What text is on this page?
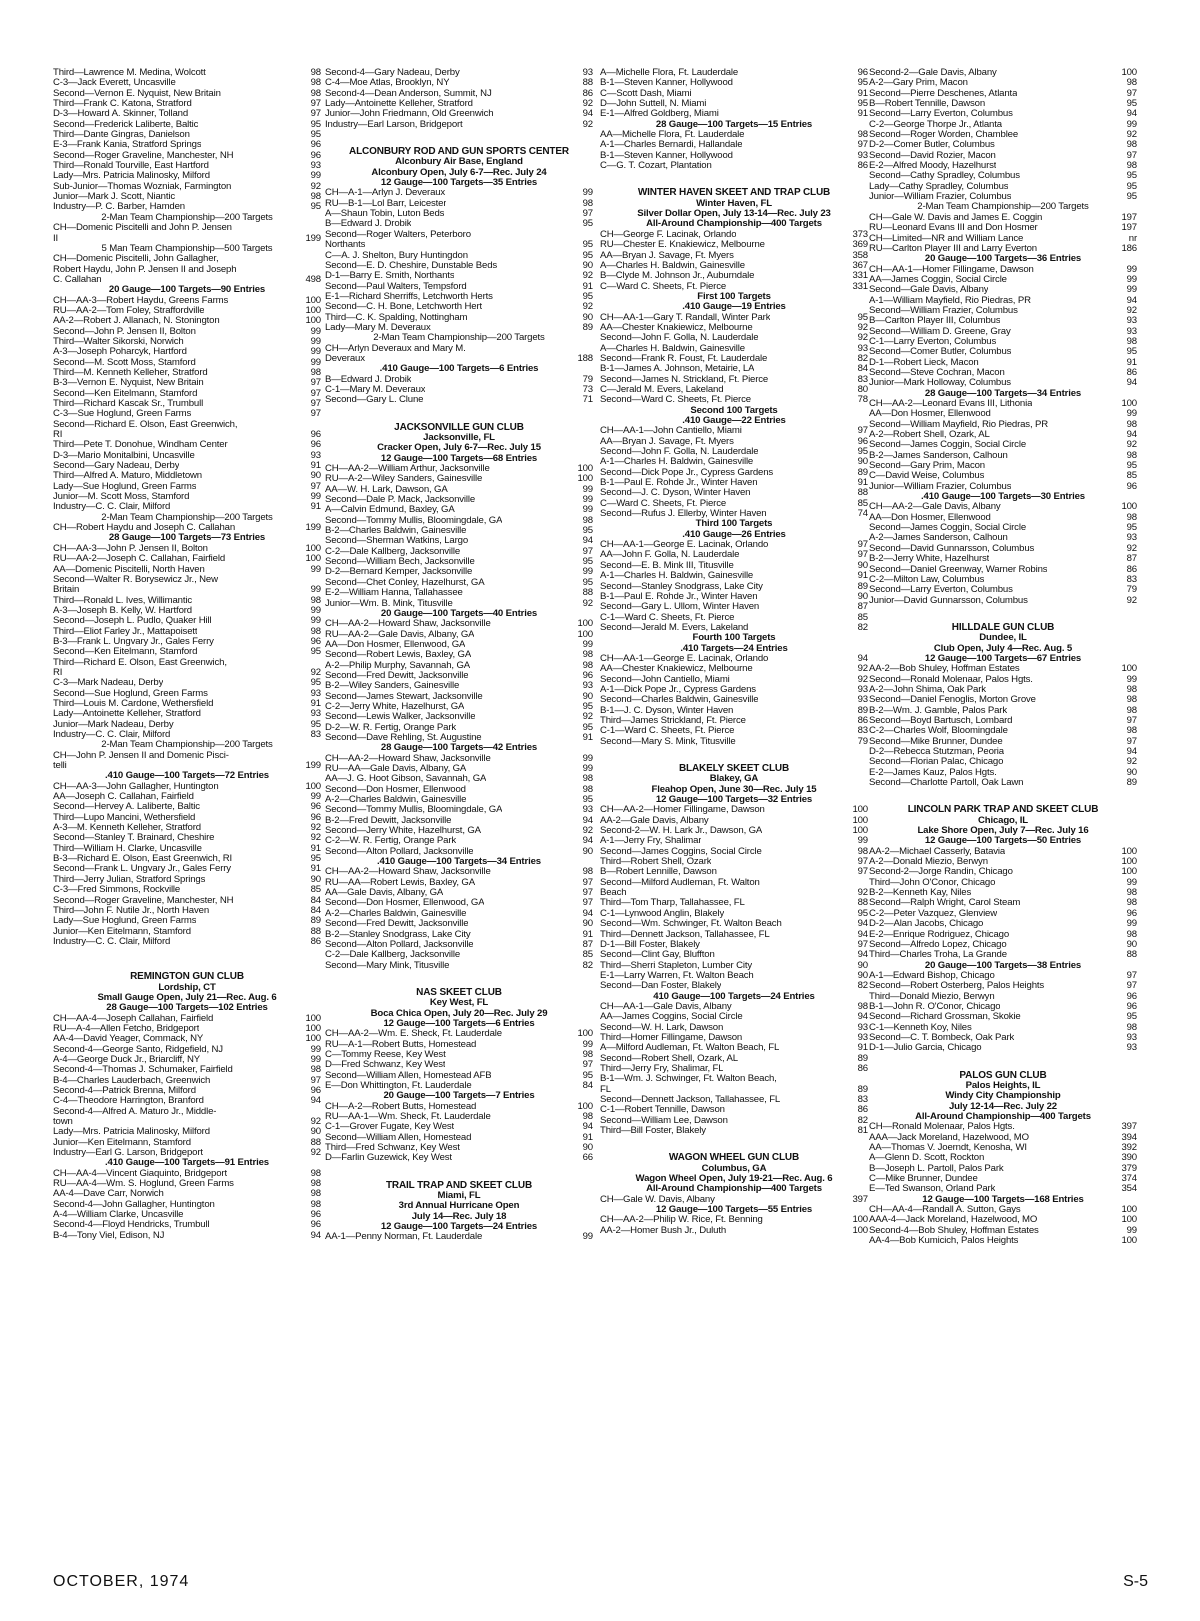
Third—Lawrence M. Medina, Wolcott	98
C-3—Jack Everett, Uncasville	98
Second—Vernon E. Nyquist, New Britain	98
Third—Frank C. Katona, Stratford	97
D-3—Howard A. Skinner, Tolland	97
Second—Frederick Laliberte, Baltic	95
Third—Dante Gingras, Danielson	95
E-3—Frank Kania, Stratford Springs	96
Second—Roger Graveline, Manchester, NH	96
Third—Ronald Tourville, East Hartford	93
Lady—Mrs. Patricia Malinosky, Milford	99
Sub-Junior—Thomas Wozniak, Farmington	92
Junior—Mark J. Scott, Niantic	98
Industry—P. C. Barber, Hamden	95
2-Man Team Championship—200 Targets
CH—Domenic Piscitelli and John P. Jensen
II	199
5 Man Team Championship—500 Targets
CH—Domenic Piscitelli, John Gallagher,
Robert Haydu, John P. Jensen II and Joseph
C. Callahan	498
20 Gauge—100 Targets—90 Entries
CH—AA-3—Robert Haydu, Greens Farms	100
RU—AA-2—Tom Foley, Straffordville	100
AA-2—Robert J. Allanach, N. Stonington	100
Second—John P. Jensen II, Bolton	99
Third—Walter Sikorski, Norwich	99
A-3—Joseph Poharcyk, Hartford	99
Second—M. Scott Moss, Stamford	99
Third—M. Kenneth Kelleher, Stratford	98
B-3—Vernon E. Nyquist, New Britain	97
Second—Ken Eitelmann, Stamford	97
Third—Richard Kascak Sr., Trumbull	97
C-3—Sue Hoglund, Green Farms	97
Second—Richard E. Olson, East Greenwich,
RI	96
Third—Pete T. Donohue, Windham Center	96
D-3—Mario Monitalbini, Uncasville	93
Second—Gary Nadeau, Derby	91
Third—Alfred A. Maturo, Middletown	90
Lady—Sue Hoglund, Green Farms	97
Junior—M. Scott Moss, Stamford	99
Industry—C. C. Clair, Milford	91
2-Man Team Championship—200 Targets
CH—Robert Haydu and Joseph C. Callahan	199
28 Gauge—100 Targets—73 Entries
CH—AA-3—John P. Jensen II, Bolton	100
RU—AA-2—Joseph C. Callahan, Fairfield	100
AA—Domenic Piscitelli, North Haven	99
Second—Walter R. Borysewicz Jr., New
Britain	99
Third—Ronald L. Ives, Willimantic	98
A-3—Joseph B. Kelly, W. Hartford	99
Second—Joseph L. Pudlo, Quaker Hill	99
Third—Eliot Farley Jr., Mattapoisett	98
B-3—Frank L. Ungvary Jr., Gales Ferry	96
Second—Ken Eitelmann, Stamford	95
Third—Richard E. Olson, East Greenwich,
RI	92
C-3—Mark Nadeau, Derby	95
Second—Sue Hoglund, Green Farms	93
Third—Louis M. Cardone, Wethersfield	91
Lady—Antoinette Kelleher, Stratford	93
Junior—Mark Nadeau, Derby	95
Industry—C. C. Clair, Milford	83
2-Man Team Championship—200 Targets
CH—John P. Jensen II and Domenic Pisci-
telli	199
.410 Gauge—100 Targets—72 Entries
CH—AA-3—John Gallagher, Huntington	100
AA—Joseph C. Callahan, Fairfield	99
Second—Hervey A. Laliberte, Baltic	96
Third—Lupo Mancini, Wethersfield	96
A-3—M. Kenneth Kelleher, Stratford	92
Second—Stanley T. Brainard, Cheshire	92
Third—William H. Clarke, Uncasville	91
B-3—Richard E. Olson, East Greenwich, RI	95
Second—Frank L. Ungvary Jr., Gales Ferry	91
Third—Jerry Julian, Stratford Springs	90
C-3—Fred Simmons, Rockville	85
Second—Roger Graveline, Manchester, NH	84
Third—John F. Nutile Jr., North Haven	84
Lady—Sue Hoglund, Green Farms	89
Junior—Ken Eitelmann, Stamford	88
Industry—C. C. Clair, Milford	86
REMINGTON GUN CLUB
Lordship, CT
Small Gauge Open, July 21—Rec. Aug. 6
28 Gauge—100 Targets—102 Entries
CH—AA-4—Joseph Callahan, Fairfield	100
RU—A-4—Allen Fetcho, Bridgeport	100
AA-4—David Yeager, Commack, NY	100
Second-4—George Santo, Ridgefield, NJ	99
A-4—George Duck Jr., Briarcliff, NY	99
Second-4—Thomas J. Schumaker, Fairfield	98
B-4—Charles Lauderbach, Greenwich	97
Second-4—Patrick Brenna, Milford	96
C-4—Theodore Harrington, Branford	94
Second-4—Alfred A. Maturo Jr., Middle-
town	92
Lady—Mrs. Patricia Malinosky, Milford	90
Junior—Ken Eitelmann, Stamford	88
Industry—Earl G. Larson, Bridgeport	92
.410 Gauge—100 Targets—91 Entries
CH—AA-4—Vincent Giaquinto, Bridgeport	98
RU—AA-4—Wm. S. Hoglund, Green Farms	98
AA-4—Dave Carr, Norwich	98
Second-4—John Gallagher, Huntington	98
A-4—William Clarke, Uncasville	96
Second-4—Floyd Hendricks, Trumbull	96
B-4—Tony Viel, Edison, NJ	94
Second-4—Gary Nadeau, Derby	93
C-4—Moe Atlas, Brooklyn, NY	88
Second-4—Dean Anderson, Summit, NJ	86
Lady—Antoinette Kelleher, Stratford	92
Junior—John Friedmann, Old Greenwich	94
Industry—Earl Larson, Bridgeport	92
ALCONBURY ROD AND GUN SPORTS CENTER
Alconbury Air Base, England
Alconbury Open, July 6-7—Rec. July 24
12 Gauge—100 Targets—35 Entries
CH—A-1—Arlyn J. Deveraux	99
RU—B-1—Lol Barr, Leicester	98
A—Shaun Tobin, Luton Beds	97
B—Edward J. Drobik	95
Second—Roger Walters, Peterboro
Northants	95
C—A. J. Shelton, Bury Huntingdon	95
Second—E. D. Cheshire, Dunstable Beds	90
D-1—Barry E. Smith, Northants	92
Second—Paul Walters, Tempsford	91
E-1—Richard Sherriffs, Letchworth Herts	95
Second—C. H. Bone, Letchworth Hert	92
Third—C. K. Spalding, Nottingham	90
Lady—Mary M. Deveraux	89
2-Man Team Championship—200 Targets
CH—Arlyn Deveraux and Mary M.
Deveraux	188
.410 Gauge—100 Targets—6 Entries
B—Edward J. Drobik	79
C-1—Mary M. Deveraux	73
Second—Gary L. Clune	71
JACKSONVILLE GUN CLUB
Jacksonville, FL
Cracker Open, July 6-7—Rec. July 15
12 Gauge—100 Targets—68 Entries
CH—AA-2—William Arthur, Jacksonville	100
RU—A-2—Wiley Sanders, Gainesville	100
AA—W. H. Lark, Dawson, GA	99
Second—Dale P. Mack, Jacksonville	99
A—Calvin Edmund, Baxley, GA	99
Second—Tommy Mullis, Bloomingdale, GA	98
B-2—Charles Baldwin, Gainesville	95
Second—Sherman Watkins, Largo	94
C-2—Dale Kallberg, Jacksonville	97
Second—William Bech, Jacksonville	95
D-2—Bernard Kemper, Jacksonville	99
Second—Chet Conley, Hazelhurst, GA	95
E-2—William Hanna, Tallahassee	88
Junior—Wm. B. Mink, Titusville	92
20 Gauge—100 Targets—40 Entries
CH—AA-2—Howard Shaw, Jacksonville	100
RU—AA-2—Gale Davis, Albany, GA	100
AA—Don Hosmer, Ellenwood, GA	99
Second—Robert Lewis, Baxley, GA	98
A-2—Philip Murphy, Savannah, GA	98
Second—Fred Dewitt, Jacksonville	96
B-2—Wiley Sanders, Gainesville	93
Second—James Stewart, Jacksonville	90
C-2—Jerry White, Hazelhurst, GA	95
Second—Lewis Walker, Jacksonville	92
D-2—W. R. Fertig, Orange Park	95
Second—Dave Rehling, St. Augustine	91
28 Gauge—100 Targets—42 Entries
CH—AA-2—Howard Shaw, Jacksonville	99
RU—AA—Gale Davis, Albany, GA	99
AA—J. G. Hoot Gibson, Savannah, GA	98
Second—Don Hosmer, Ellenwood	98
A-2—Charles Baldwin, Gainesville	95
Second—Tommy Mullis, Bloomingdale, GA	93
B-2—Fred Dewitt, Jacksonville	94
Second—Jerry White, Hazelhurst, GA	92
C-2—W. R. Fertig, Orange Park	94
Second—Alton Pollard, Jacksonville	90
.410 Gauge—100 Targets—34 Entries
CH—AA-2—Howard Shaw, Jacksonville	98
RU—AA—Robert Lewis, Baxley, GA	97
AA—Gale Davis, Albany, GA	97
Second—Don Hosmer, Ellenwood, GA	97
A-2—Charles Baldwin, Gainesville	94
Second—Fred Dewitt, Jacksonville	90
B-2—Stanley Snodgrass, Lake City	91
Second—Alton Pollard, Jacksonville	87
C-2—Dale Kallberg, Jacksonville	85
Second—Mary Mink, Titusville	82
NAS SKEET CLUB
Key West, FL
Boca Chica Open, July 20—Rec. July 29
12 Gauge—100 Targets—6 Entries
CH—AA-2—Wm. E. Sheck, Ft. Lauderdale	100
RU—A-1—Robert Butts, Homestead	99
C—Tommy Reese, Key West	98
D—Fred Schwanz, Key West	97
Second—William Allen, Homestead AFB	95
E—Don Whittington, Ft. Lauderdale	84
20 Gauge—100 Targets—7 Entries
CH—A-2—Robert Butts, Homestead	100
RU—AA-1—Wm. Sheck, Ft. Lauderdale	98
C-1—Grover Fugate, Key West	94
Second—William Allen, Homestead	91
Third—Fred Schwanz, Key West	90
D—Farlin Guzewick, Key West	66
TRAIL TRAP AND SKEET CLUB
Miami, FL
3rd Annual Hurricane Open
July 14—Rec. July 18
12 Gauge—100 Targets—24 Entries
AA-1—Penny Norman, Ft. Lauderdale	99
A—Michelle Flora, Ft. Lauderdale	96
B-1—Steven Kanner, Hollywood	95
C—Scott Dash, Miami	91
D—John Suttell, N. Miami	95
E-1—Alfred Goldberg, Miami	91
28 Gauge—100 Targets—15 Entries
AA—Michelle Flora, Ft. Lauderdale	98
A-1—Charles Bernardi, Hallandale	97
B-1—Steven Kanner, Hollywood	93
C—G. T. Cozart, Plantation	86
WINTER HAVEN SKEET AND TRAP CLUB
Winter Haven, FL
Silver Dollar Open, July 13-14—Rec. July 23
All-Around Championship—400 Targets
CH—George F. Lacinak, Orlando	373
RU—Chester E. Knakiewicz, Melbourne	369
AA—Bryan J. Savage, Ft. Myers	358
A—Charles H. Baldwin, Gainesville	367
B—Clyde M. Johnson Jr., Auburndale	331
C—Ward C. Sheets, Ft. Pierce	331
First 100 Targets
.410 Gauge—19 Entries
CH—AA-1—Gary T. Randall, Winter Park	95
AA—Chester Knakiewicz, Melbourne	92
Second—John F. Golla, N. Lauderdale	92
A—Charles H. Baldwin, Gainesville	93
Second—Frank R. Foust, Ft. Lauderdale	82
B-1—James A. Johnson, Metairie, LA	84
Second—James N. Strickland, Ft. Pierce	83
C—Jerald M. Evers, Lakeland	80
Second—Ward C. Sheets, Ft. Pierce	78
Second 100 Targets
.410 Gauge—22 Entries
CH—AA-1—John Cantiello, Miami	97
AA—Bryan J. Savage, Ft. Myers	96
Second—John F. Golla, N. Lauderdale	95
A-1—Charles H. Baldwin, Gainesville	90
Second—Dick Pope Jr., Cypress Gardens	89
B-1—Paul E. Rohde Jr., Winter Haven	91
Second—J. C. Dyson, Winter Haven	88
C—Ward C. Sheets, Ft. Pierce	85
Second—Rufus J. Ellerby, Winter Haven	74
Third 100 Targets
.410 Gauge—26 Entries
CH—AA-1—George E. Lacinak, Orlando	97
AA—John F. Golla, N. Lauderdale	97
Second—E. B. Mink III, Titusville	90
A-1—Charles H. Baldwin, Gainesville	91
Second—Stanley Snodgrass, Lake City	89
B-1—Paul E. Rohde Jr., Winter Haven	90
Second—Gary L. Ullom, Winter Haven	87
C-1—Ward C. Sheets, Ft. Pierce	85
Second—Jerald M. Evers, Lakeland	82
Fourth 100 Targets
.410 Targets—24 Entries
CH—AA-1—George E. Lacinak, Orlando	94
AA—Chester Knakiewicz, Melbourne	92
Second—John Cantiello, Miami	92
A-1—Dick Pope Jr., Cypress Gardens	93
Second—Charles Baldwin, Gainesville	93
B-1—J. C. Dyson, Winter Haven	89
Third—James Strickland, Ft. Pierce	86
C-1—Ward C. Sheets, Ft. Pierce	83
Second—Mary S. Mink, Titusville	79
BLAKELY SKEET CLUB
Blakey, GA
Fleahop Open, June 30—Rec. July 15
12 Gauge—100 Targets—32 Entries
CH—AA-2—Homer Fillingame, Dawson	100
AA-2—Gale Davis, Albany	100
Second-2—W. H. Lark Jr., Dawson, GA	100
A-1—Jerry Fry, Shalimar	99
Second—James Coggins, Social Circle	98
Third—Robert Shell, Ozark	97
B—Robert Lennille, Dawson	97
Second—Milford Audleman, Ft. Walton
Beach	92
Third—Tom Tharp, Tallahassee, FL	88
C-1—Lynwood Anglin, Blakely	95
Second—Wm. Schwinger, Ft. Walton Beach	94
Third—Dennett Jackson, Tallahassee, FL	94
D-1—Bill Foster, Blakely	97
Second—Clint Gay, Bluffton	94
Third—Sherri Stapleton, Lumber City	90
E-1—Larry Warren, Ft. Walton Beach	90
Second—Dan Foster, Blakely	82
410 Gauge—100 Targets—24 Entries
CH—AA-1—Gale Davis, Albany	98
AA—James Coggins, Social Circle	94
Second—W. H. Lark, Dawson	93
Third—Homer Fillingame, Dawson	93
A—Milford Audleman, Ft. Walton Beach, FL	91
Second—Robert Shell, Ozark, AL	89
Third—Jerry Fry, Shalimar, FL	86
B-1—Wm. J. Schwinger, Ft. Walton Beach,
FL	89
Second—Dennett Jackson, Tallahassee, FL	83
C-1—Robert Tennille, Dawson	86
Second—William Lee, Dawson	82
Third—Bill Foster, Blakely	81
WAGON WHEEL GUN CLUB
Columbus, GA
Wagon Wheel Open, July 19-21—Rec. Aug. 6
All-Around Championship—400 Targets
CH—Gale W. Davis, Albany	397
12 Gauge—100 Targets—55 Entries
CH—AA-2—Philip W. Rice, Ft. Benning	100
AA-2—Homer Bush Jr., Duluth	100
Second-2—Gale Davis, Albany	100
A-2—Gary Prim, Macon	98
Second—Pierre Deschenes, Atlanta	97
B—Robert Tennille, Dawson	95
Second—Larry Everton, Columbus	94
C-2—George Thorpe Jr., Atlanta	99
Second—Roger Worden, Chamblee	92
D-2—Comer Butler, Columbus	98
Second—David Rozier, Macon	97
E-2—Alfred Moody, Hazelhurst	98
Second—Cathy Spradley, Columbus	95
Lady—Cathy Spradley, Columbus	95
Junior—William Frazier, Columbus	95
2-Man Team Championship—200 Targets
CH—Gale W. Davis and James E. Coggin	197
RU—Leonard Evans III and Don Hosmer	197
CH—Limited—NR and William Lance	nr
RU—Carlton Player III and Larry Everton	186
20 Gauge—100 Targets—36 Entries
CH—AA-1—Homer Fillingame, Dawson	99
AA—James Coggin, Social Circle	99
Second—Gale Davis, Albany	99
A-1—William Mayfield, Rio Piedras, PR	94
Second—William Frazier, Columbus	92
B—Carlton Player III, Columbus	93
Second—William D. Greene, Gray	93
C-1—Larry Everton, Columbus	98
Second—Comer Butler, Columbus	95
D-1—Robert Lieck, Macon	91
Second—Steve Cochran, Macon	86
Junior—Mark Holloway, Columbus	94
28 Gauge—100 Targets—34 Entries
CH—AA-2—Leonard Evans III, Lithonia	100
AA—Don Hosmer, Ellenwood	99
Second—William Mayfield, Rio Piedras, PR	98
A-2—Robert Shell, Ozark, AL	94
Second—James Coggin, Social Circle	92
B-2—James Sanderson, Calhoun	98
Second—Gary Prim, Macon	95
C—David Weise, Columbus	85
Junior—William Frazier, Columbus	96
.410 Gauge—100 Targets—30 Entries
CH—AA-2—Gale Davis, Albany	100
AA—Don Hosmer, Ellenwood	98
Second—James Coggin, Social Circle	95
A-2—James Sanderson, Calhoun	93
Second—David Gunnarsson, Columbus	92
B-2—Jerry White, Hazelhurst	87
Second—Daniel Greenway, Warner Robins	86
C-2—Milton Law, Columbus	83
Second—Larry Everton, Columbus	79
Junior—David Gunnarsson, Columbus	92
HILLDALE GUN CLUB
Dundee, IL
Club Open, July 4—Rec. Aug. 5
12 Gauge—100 Targets—67 Entries
AA-2—Bob Shuley, Hoffman Estates	100
Second—Ronald Molenaar, Palos Hgts.	99
A-2—John Shima, Oak Park	98
Second—Daniel Fenoglis, Morton Grove	98
B-2—Wm. J. Gamble, Palos Park	98
Second—Boyd Bartusch, Lombard	97
C-2—Charles Wolf, Bloomingdale	98
Second—Mike Brunner, Dundee	97
D-2—Rebecca Stutzman, Peoria	94
Second—Florian Palac, Chicago	92
E-2—James Kauz, Palos Hgts.	90
Second—Charlotte Partoll, Oak Lawn	89
LINCOLN PARK TRAP AND SKEET CLUB
Chicago, IL
Lake Shore Open, July 7—Rec. July 16
12 Gauge—100 Targets—50 Entries
AA-2—Michael Casserly, Batavia	100
A-2—Donald Miezio, Berwyn	100
Second-2—Jorge Randin, Chicago	100
Third—John O'Conor, Chicago	99
B-2—Kenneth Kay, Niles	98
Second—Ralph Wright, Carol Steam	98
C-2—Peter Vazquez, Glenview	96
D-2—Alan Jacobs, Chicago	99
E-2—Enrique Rodriguez, Chicago	98
Second—Alfredo Lopez, Chicago	90
Third—Charles Troha, La Grande	88
20 Gauge—100 Targets—38 Entries
A-1—Edward Bishop, Chicago	97
Second—Robert Osterberg, Palos Heights	97
Third—Donald Miezio, Berwyn	96
B-1—John R. O'Conor, Chicago	96
Second—Richard Grossman, Skokie	95
C-1—Kenneth Koy, Niles	98
Second—C. T. Bombeck, Oak Park	93
D-1—Julio Garcia, Chicago	93
PALOS GUN CLUB
Palos Heights, IL
Windy City Championship
July 12-14—Rec. July 22
All-Around Championship—400 Targets
CH—Ronald Molenaar, Palos Hgts.	397
AAA—Jack Moreland, Hazelwood, MO	394
AA—Thomas V. Joerndt, Kenosha, WI	392
A—Glenn D. Scott, Rockton	390
B—Joseph L. Partoll, Palos Park	379
C—Mike Brunner, Dundee	374
E—Ted Swanson, Orland Park	354
12 Gauge—100 Targets—168 Entries
CH—AA-4—Randall A. Sutton, Gays	100
AAA-4—Jack Moreland, Hazelwood, MO	100
Second-4—Bob Shuley, Hoffman Estates	99
AA-4—Bob Kumicich, Palos Heights	100
OCTOBER, 1974	S-5
